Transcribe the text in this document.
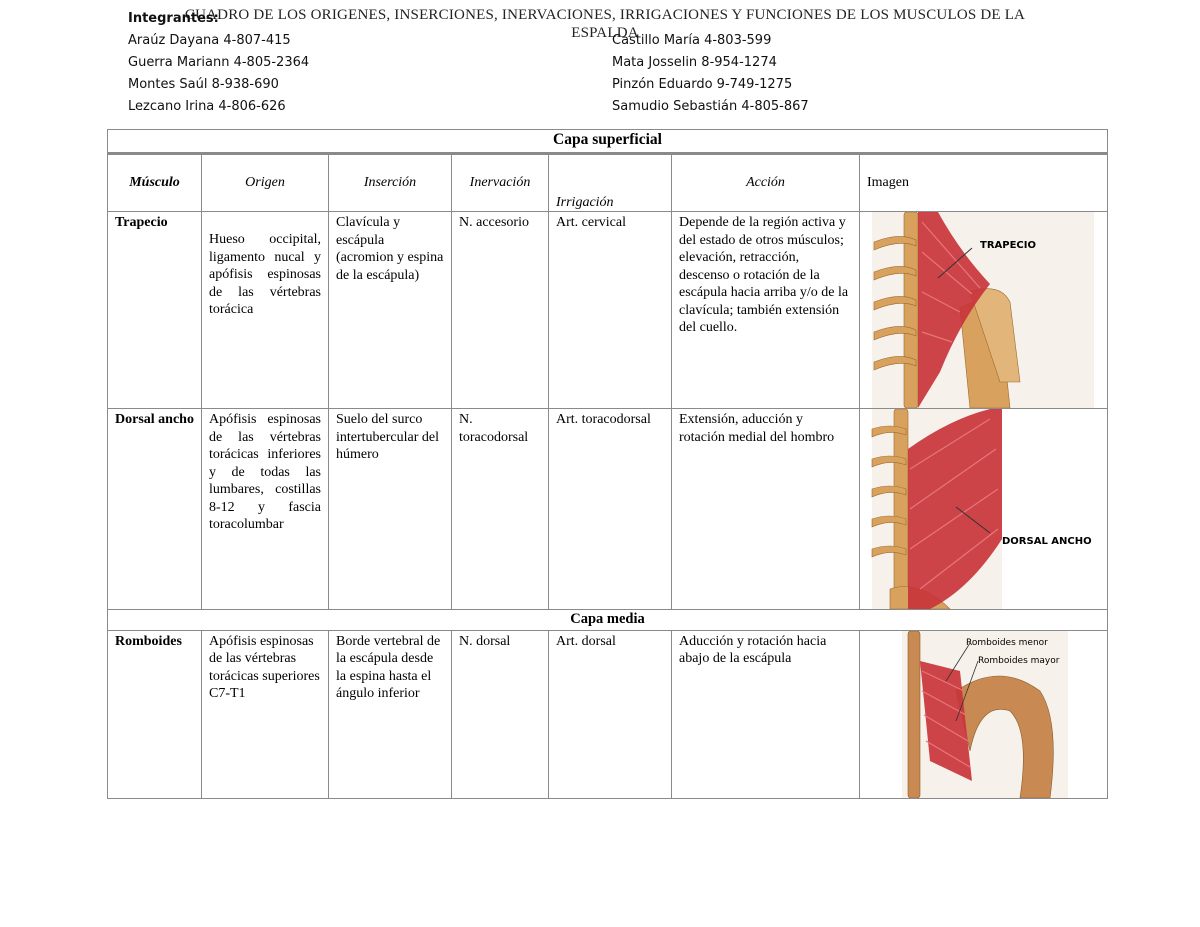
CUADRO DE LOS ORIGENES, INSERCIONES, INERVACIONES, IRRIGACIONES Y FUNCIONES DE LOS MUSCULOS DE LA ESPALDA
Integrantes:
Araúz Dayana 4-807-415
Guerra Mariann 4-805-2364
Montes Saúl 8-938-690
Lezcano Irina 4-806-626
Castillo María 4-803-599
Mata Josselin 8-954-1274
Pinzón Eduardo 9-749-1275
Samudio Sebastián 4-805-867
Capa superficial						
Músculo	Origen	Inserción	Inervación	Irrigación	Acción	Imagen
Trapecio	Hueso occipital, ligamento nucal y apófisis espinosas de las vértebras torácica	Clavícula y escápula (acromion y espina de la escápula)	N. accesorio	Art. cervical	Depende de la región activa y del estado de otros músculos; elevación, retracción, descenso o rotación de la escápula hacia arriba y/o de la clavícula; también extensión del cuello.	TRAPECIO

Dorsal ancho	Apófisis espinosas de las vértebras torácicas inferiores y de todas las lumbares, costillas 8-12 y fascia toracolumbar	Suelo del surco intertubercular del húmero	N. toracodorsal	Art. toracodorsal	Extensión, aducción y rotación medial del hombro	DORSAL ANCHO

Capa media						
Romboides	Apófisis espinosas de las vértebras torácicas superiores C7-T1	Borde vertebral de la escápula desde la espina hasta el ángulo inferior	N. dorsal	Art. dorsal	Aducción y rotación hacia abajo de la escápula	Romboides menor
Romboides mayor
